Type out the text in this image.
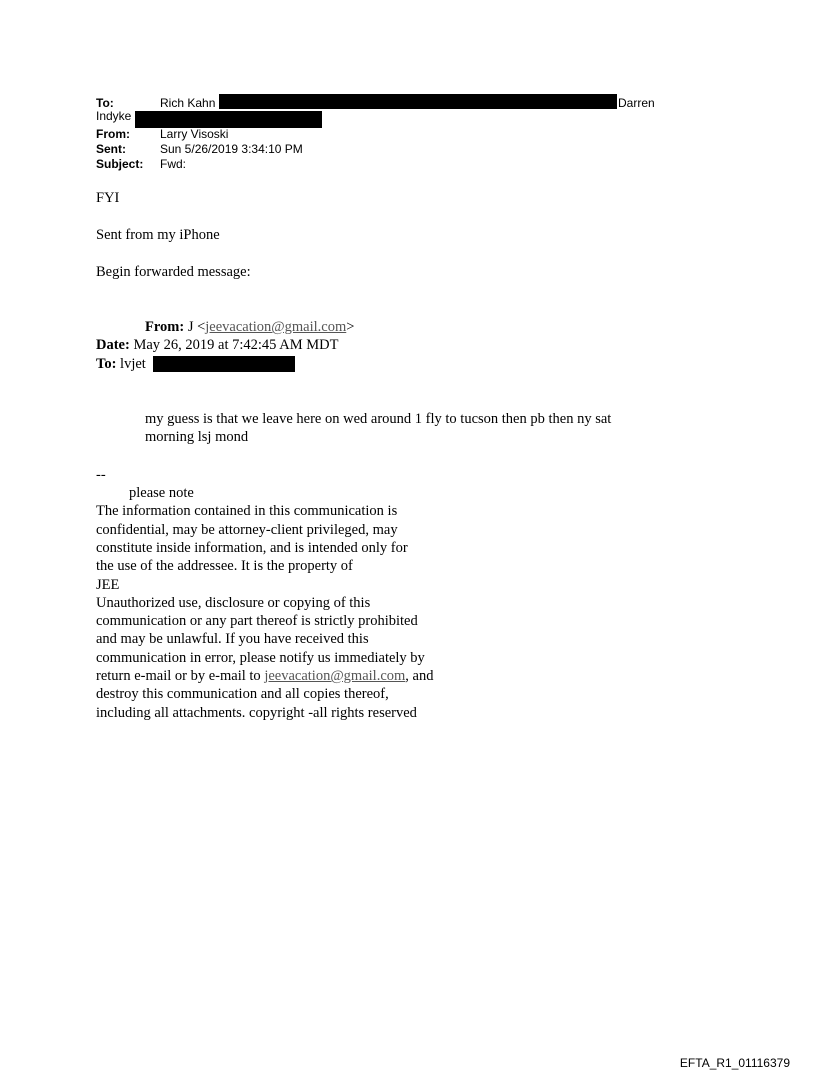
To:	Rich Kahn	Darren
Indyke
From:	Larry Visoski
Sent:	Sun 5/26/2019 3:34:10 PM
Subject: Fwd:
FYI
Sent from my iPhone
Begin forwarded message:
From: J <jeevacation@gmail.com>
Date: May 26, 2019 at 7:42:45 AM MDT
To: lvjet
my guess is that we leave here on wed around 1 fly to tucson then pb then ny sat
morning lsj mond
--
please note
The information contained in this communication is
confidential, may be attorney-client privileged, may
constitute inside information, and is intended only for
the use of the addressee. It is the property of
JEE
Unauthorized use, disclosure or copying of this
communication or any part thereof is strictly prohibited
and may be unlawful. If you have received this
communication in error, please notify us immediately by
return e-mail or by e-mail to jeevacation@gmail.com, and
destroy this communication and all copies thereof,
including all attachments. copyright -all rights reserved
EFTA_R1_01116379
